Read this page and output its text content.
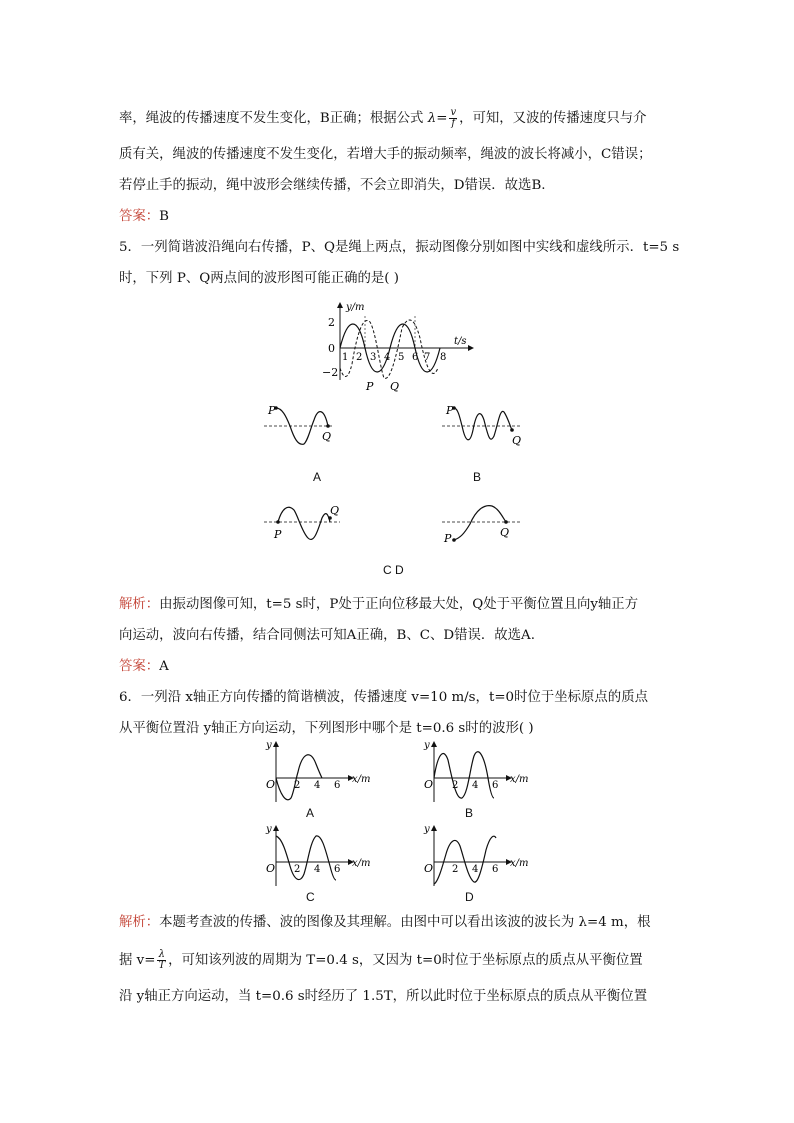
率，绳波的传播速度不发生变化，B正确；根据公式 $\lambda= \frac{v}{f}$ ，可知，又波的传播速度只与介
质有关，绳波的传播速度不发生变化，若增大手的振动频率，绳波的波长将减小，C错误；
若停止手的振动，绳中波形会继续传播，不会立即消失，D错误．故选B.
答案：B
5．一列简谐波沿绳向右传播，P、Q是绳上两点，振动图像分别如图中实线和虚线所示．t=5 s
时，下列 P、Q两点间的波形图可能正确的是( )
y/m
t/s
2
0
−2
1 2 3 4 5 6 7 8
P Q
P
Q
A
P
Q
B
P
Q
P	Q
C D
解析：由振动图像可知，t=5 s时，P处于正向位移最大处，Q处于平衡位置且向y轴正方
向运动，波向右传播，结合同侧法可知A正确，B、C、D错误．故选A.
答案：A
6．一列沿 x轴正方向传播的简谐横波，传播速度 v=10 m/s，t=0时位于坐标原点的质点
从平衡位置沿 y轴正方向运动，下列图形中哪个是 t=0.6 s时的波形( )
y
x/m
O 2 4 6
A
y
x/m
O 2 4 6
B
y
x/m
O 2 4 6
C
y
x/m
O 2 4 6
D
解析：本题考查波的传播、波的图像及其理解。由图中可以看出该波的波长为 λ=4 m，根
据 $v= \frac{\lambda}{T}$ ，可知该列波的周期为 T=0.4 s，又因为 t=0时位于坐标原点的质点从平衡位置
沿 y轴正方向运动，当 t=0.6 s时经历了 1.5T，所以此时位于坐标原点的质点从平衡位置
